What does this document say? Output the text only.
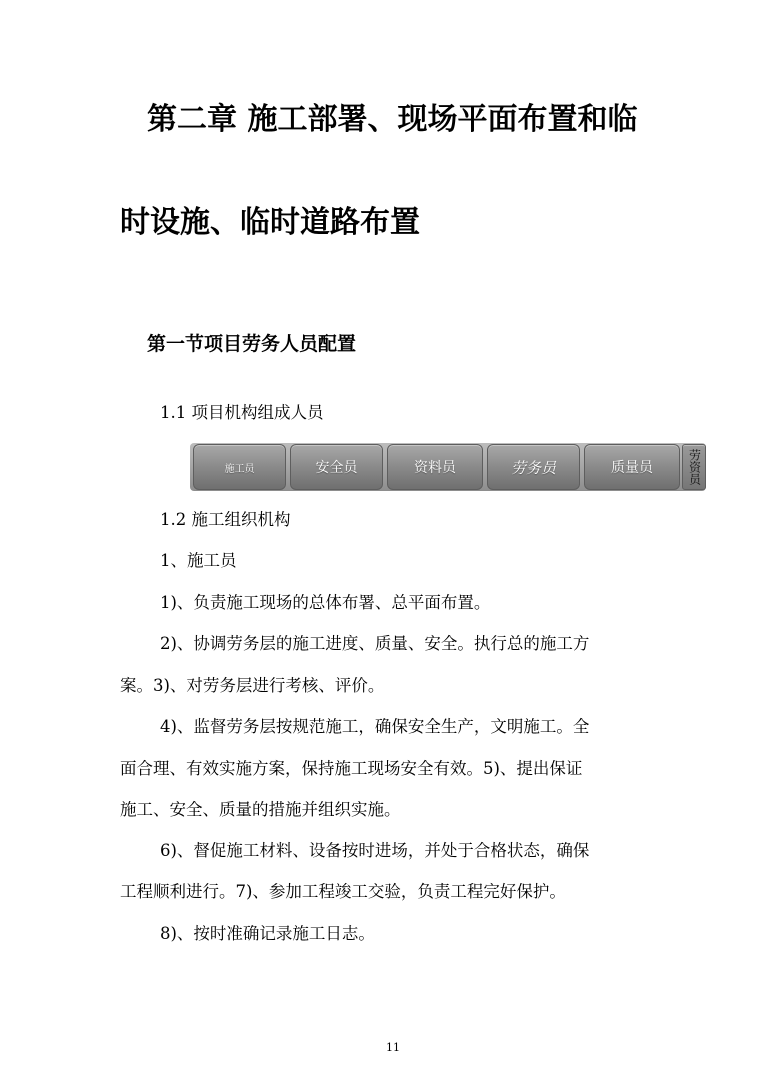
第二章 施工部署、现场平面布置和临
时设施、临时道路布置
第一节项目劳务人员配置
1.1 项目机构组成人员
施工员	安全员	资料员	劳务员	质量员	劳资员
1.2 施工组织机构
1、施工员
1)、负责施工现场的总体布署、总平面布置。
2)、协调劳务层的施工进度、质量、安全。执行总的施工方
案。3)、对劳务层进行考核、评价。
4)、监督劳务层按规范施工，确保安全生产，文明施工。全
面合理、有效实施方案，保持施工现场安全有效。5)、提出保证
施工、安全、质量的措施并组织实施。
6)、督促施工材料、设备按时进场，并处于合格状态，确保
工程顺利进行。7)、参加工程竣工交验，负责工程完好保护。
8)、按时准确记录施工日志。
11
